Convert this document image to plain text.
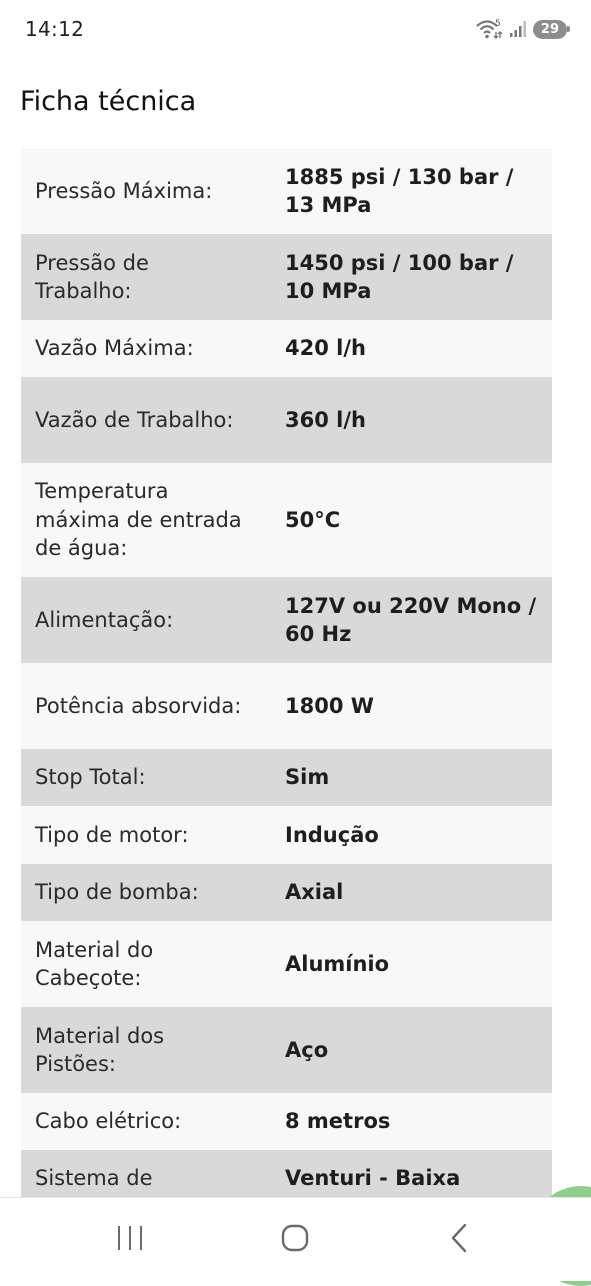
14:12	5	29
Ficha técnica
Pressão Máxima:	1885 psi / 130 bar / 13 MPa
Pressão de Trabalho:	1450 psi / 100 bar / 10 MPa
Vazão Máxima:	420 l/h
Vazão de Trabalho:	360 l/h
Temperatura máxima de entrada de água:	50°C
Alimentação:	127V ou 220V Mono / 60 Hz
Potência absorvida:	1800 W
Stop Total:	Sim
Tipo de motor:	Indução
Tipo de bomba:	Axial
Material do Cabeçote:	Alumínio
Material dos Pistões:	Aço
Cabo elétrico:	8 metros
Sistema de	Venturi - Baixa
